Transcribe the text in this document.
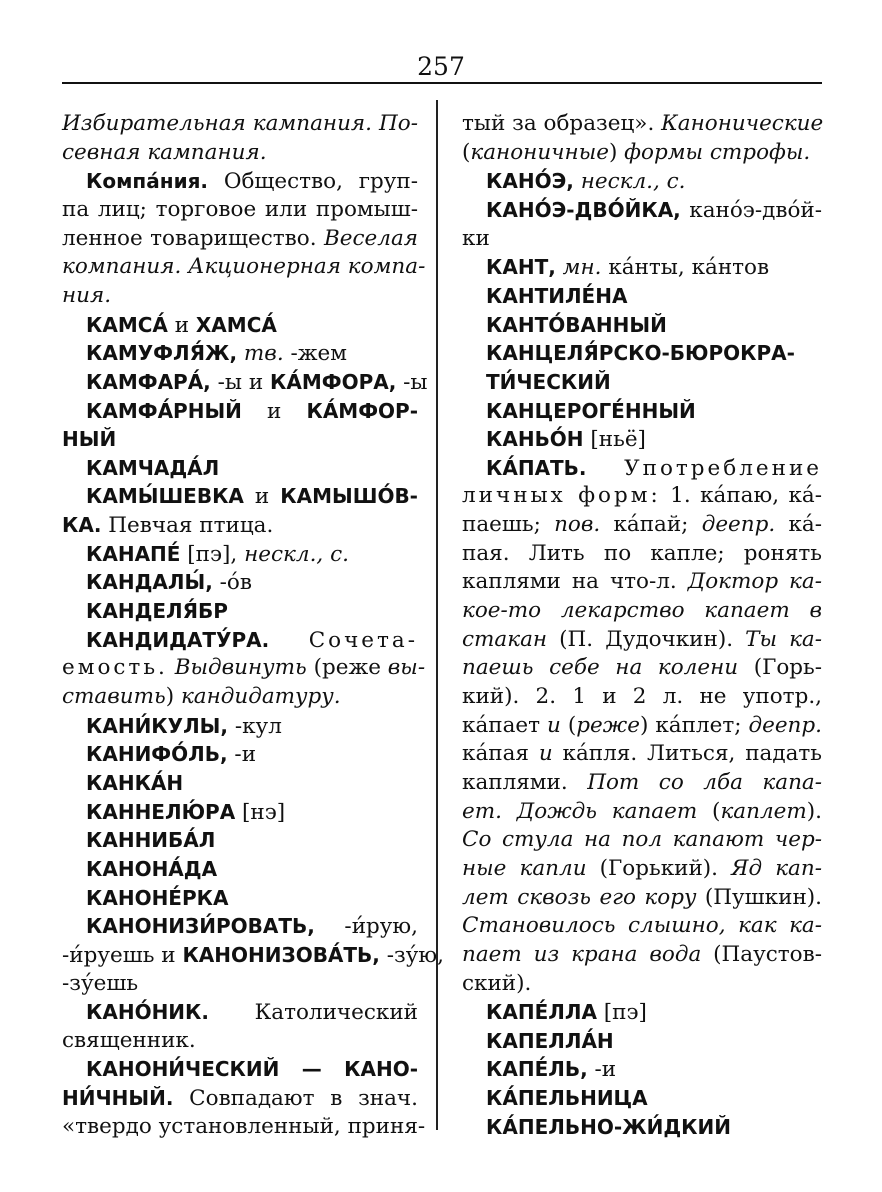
257
Избирательная кампания. По-
севная кампания.
Компа́ния. Общество, груп-
па лиц; торговое или промыш-
ленное товарищество. Веселая
компания. Акционерная компа-
ния.
КАМСА́ и ХАМСА́
КАМУФЛЯ́Ж, тв. -жем
КАМФАРА́, -ы и КА́МФОРА, -ы
КАМФА́РНЫЙ и КА́МФОР-
НЫЙ
КАМЧАДА́Л
КАМЫ́ШЕВКА и КАМЫШО́В-
КА. Певчая птица.
КАНАПЕ́ [пэ], нескл., с.
КАНДАЛЫ́, -о́в
КАНДЕЛЯ́БР
КАНДИДАТУ́РА. Сочета-
емость. Выдвинуть (реже вы-
ставить) кандидатуру.
КАНИ́КУЛЫ, -кул
КАНИФО́ЛЬ, -и
КАНКА́Н
КАННЕЛЮ́РА [нэ]
КАННИБА́Л
КАНОНА́ДА
КАНОНЕ́РКА
КАНОНИЗИ́РОВАТЬ, -и́рую,
-и́руешь и КАНОНИЗОВА́ТЬ, -зу́ю,
-зу́ешь
КАНО́НИК. Католический
священник.
КАНОНИ́ЧЕСКИЙ — КАНО-
НИ́ЧНЫЙ. Совпадают в знач.
«твердо установленный, приня-
тый за образец». Канонические
(каноничные) формы строфы.
КАНО́Э, нескл., с.
КАНО́Э-ДВО́ЙКА, кано́э-дво́й-
ки
КАНТ, мн. ка́нты, ка́нтов
КАНТИЛЕ́НА
КАНТО́ВАННЫЙ
КАНЦЕЛЯ́РСКО-БЮРОКРА-
ТИ́ЧЕСКИЙ
КАНЦЕРОГЕ́ННЫЙ
КАНЬО́Н [ньё]
КА́ПАТЬ. Употребление
личных форм: 1. ка́паю, ка́-
паешь; пов. ка́пай; деепр. ка́-
пая. Лить по капле; ронять
каплями на что-л. Доктор ка-
кое-то лекарство капает в
стакан (П. Дудочкин). Ты ка-
паешь себе на колени (Горь-
кий). 2. 1 и 2 л. не употр.,
ка́пает и (реже) ка́плет; деепр.
ка́пая и ка́пля. Литься, падать
каплями. Пот со лба капа-
ет. Дождь капает (каплет).
Со стула на пол капают чер-
ные капли (Горький). Яд кап-
лет сквозь его кору (Пушкин).
Становилось слышно, как ка-
пает из крана вода (Паустов-
ский).
КАПЕ́ЛЛА [пэ]
КАПЕЛЛА́Н
КАПЕ́ЛЬ, -и
КА́ПЕЛЬНИЦА
КА́ПЕЛЬНО-ЖИ́ДКИЙ
